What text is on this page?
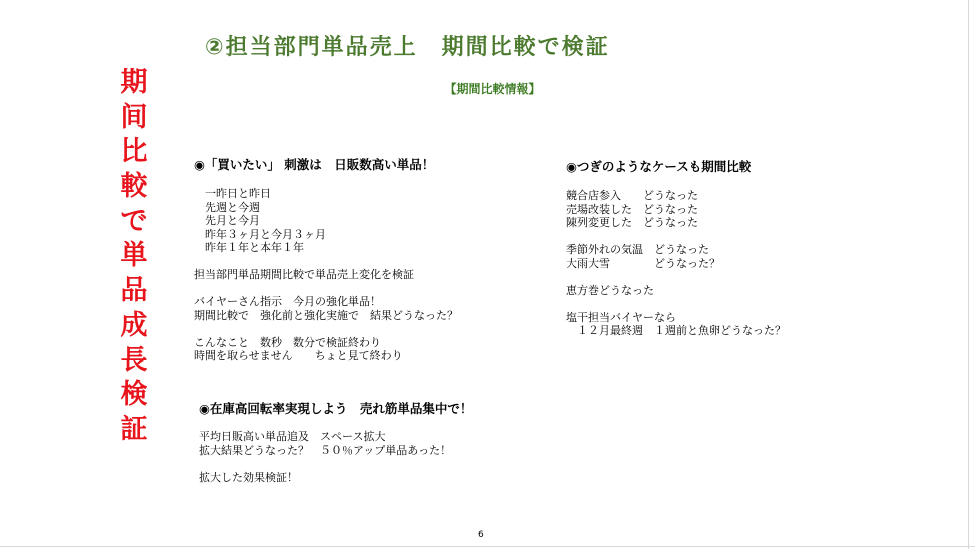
②担当部門単品売上　期間比較で検証
【期間比較情報】
期
间
比
較
で
単
品
成
長
検
証
◉「買いたい」 刺激は　日販数高い単品！
　一昨日と昨日
　先週と今週
　先月と今月
　昨年３ヶ月と今月３ヶ月
　昨年１年と本年１年
担当部門単品期間比較で単品売上変化を検証
バイヤーさん指示　今月の強化単品！
期間比較で　強化前と強化実施で　結果どうなった？
こんなこと　数秒　数分で検証終わり
時間を取らせません　　ちょと見て終わり
◉つぎのようなケースも期間比較
競合店参入　　どうなった
売場改装した　どうなった
陳列変更した　どうなった
季節外れの気温　どうなった
大雨大雪　　　　どうなった？
恵方巻どうなった
塩干担当バイヤーなら
　１２月最終週　１週前と魚卵どうなった？
◉在庫高回転率実現しよう　売れ筋単品集中で！
平均日販高い単品追及　スペース拡大
拡大結果どうなった？　５０％アップ単品あった！
拡大した効果検証！
6
